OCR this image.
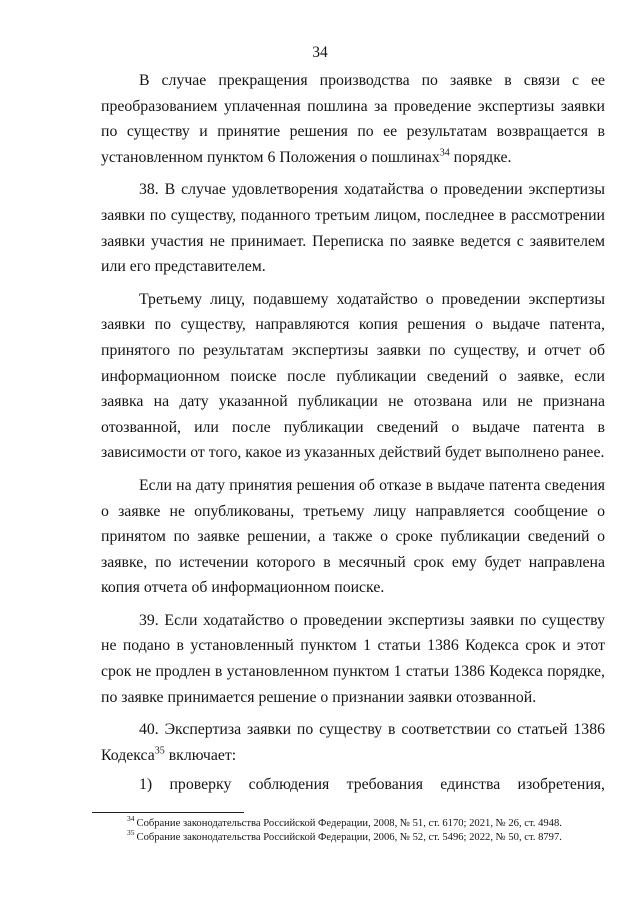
34

В случае прекращения производства по заявке в связи с ее преобразованием уплаченная пошлина за проведение экспертизы заявки по существу и принятие решения по ее результатам возвращается в установленном пунктом 6 Положения о пошлинах$^{34}$ порядке.

38. В случае удовлетворения ходатайства о проведении экспертизы заявки по существу, поданного третьим лицом, последнее в рассмотрении заявки участия не принимает. Переписка по заявке ведется с заявителем или его представителем.

Третьему лицу, подавшему ходатайство о проведении экспертизы заявки по существу, направляются копия решения о выдаче патента, принятого по результатам экспертизы заявки по существу, и отчет об информационном поиске после публикации сведений о заявке, если заявка на дату указанной публикации не отозвана или не признана отозванной, или после публикации сведений о выдаче патента в зависимости от того, какое из указанных действий будет выполнено ранее.

Если на дату принятия решения об отказе в выдаче патента сведения о заявке не опубликованы, третьему лицу направляется сообщение о принятом по заявке решении, а также о сроке публикации сведений о заявке, по истечении которого в месячный срок ему будет направлена копия отчета об информационном поиске.

39. Если ходатайство о проведении экспертизы заявки по существу не подано в установленный пунктом 1 статьи 1386 Кодекса срок и этот срок не продлен в установленном пунктом 1 статьи 1386 Кодекса порядке, по заявке принимается решение о признании заявки отозванной.

40. Экспертиза заявки по существу в соответствии со статьей 1386 Кодекса$^{35}$ включает:

1) проверку соблюдения требования единства изобретения,

$^{34}$ Собрание законодательства Российской Федерации, 2008, № 51, ст. 6170; 2021, № 26, ст. 4948.
$^{35}$ Собрание законодательства Российской Федерации, 2006, № 52, ст. 5496; 2022, № 50, ст. 8797.
